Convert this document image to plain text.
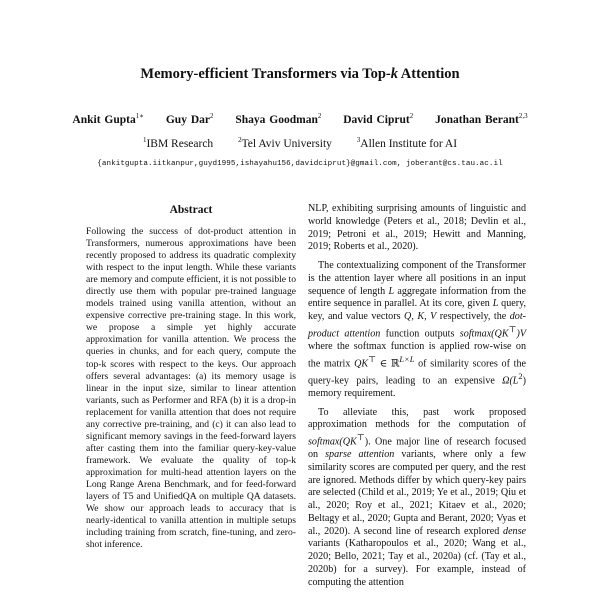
Memory-efficient Transformers via Top-k Attention
Ankit Gupta$^{1∗}$ Guy Dar$^2$ Shaya Goodman$^2$ David Ciprut$^2$ Jonathan Berant$^{2,3}$
$^1$IBM Research	$^2$Tel Aviv University	$^3$Allen Institute for AI
{ankitgupta.iitkanpur,guyd1995,ishayahu156,davidciprut}@gmail.com, joberant@cs.tau.ac.il
Abstract
Following the success of dot-product attention in Transformers, numerous approximations have been recently proposed to address its quadratic complexity with respect to the input length. While these variants are memory and compute efficient, it is not possible to directly use them with popular pre-trained language models trained using vanilla attention, without an expensive corrective pre-training stage. In this work, we propose a simple yet highly accurate approximation for vanilla attention. We process the queries in chunks, and for each query, compute the top-k scores with respect to the keys. Our approach offers several advantages: (a) its memory usage is linear in the input size, similar to linear attention variants, such as Performer and RFA (b) it is a drop-in replacement for vanilla attention that does not require any corrective pre-training, and (c) it can also lead to significant memory savings in the feed-forward layers after casting them into the familiar query-key-value framework. We evaluate the quality of top-k approximation for multi-head attention layers on the Long Range Arena Benchmark, and for feed-forward layers of T5 and UnifiedQA on multiple QA datasets. We show our approach leads to accuracy that is nearly-identical to vanilla attention in multiple setups including training from scratch, fine-tuning, and zero-shot inference.

NLP, exhibiting surprising amounts of linguistic and world knowledge (Peters et al., 2018; Devlin et al., 2019; Petroni et al., 2019; Hewitt and Manning, 2019; Roberts et al., 2020).

The contextualizing component of the Transformer is the attention layer where all positions in an input sequence of length L aggregate information from the entire sequence in parallel. At its core, given L query, key, and value vectors Q, K, V respectively, the dot-product attention function outputs softmax(QK⊤)V where the softmax function is applied row-wise on the matrix QK⊤ ∈ ℝ$^{L\times L}$ of similarity scores of the query-key pairs, leading to an expensive $\Omega(L^2)$ memory requirement.

To alleviate this, past work proposed approximation methods for the computation of softmax(QK⊤). One major line of research focused on sparse attention variants, where only a few similarity scores are computed per query, and the rest are ignored. Methods differ by which query-key pairs are selected (Child et al., 2019; Ye et al., 2019; Qiu et al., 2020; Roy et al., 2021; Kitaev et al., 2020; Beltagy et al., 2020; Gupta and Berant, 2020; Vyas et al., 2020). A second line of research explored dense variants (Katharopoulos et al., 2020; Wang et al., 2020; Bello, 2021; Tay et al., 2020a) (cf. (Tay et al., 2020b) for a survey). For example, instead of computing the attention
